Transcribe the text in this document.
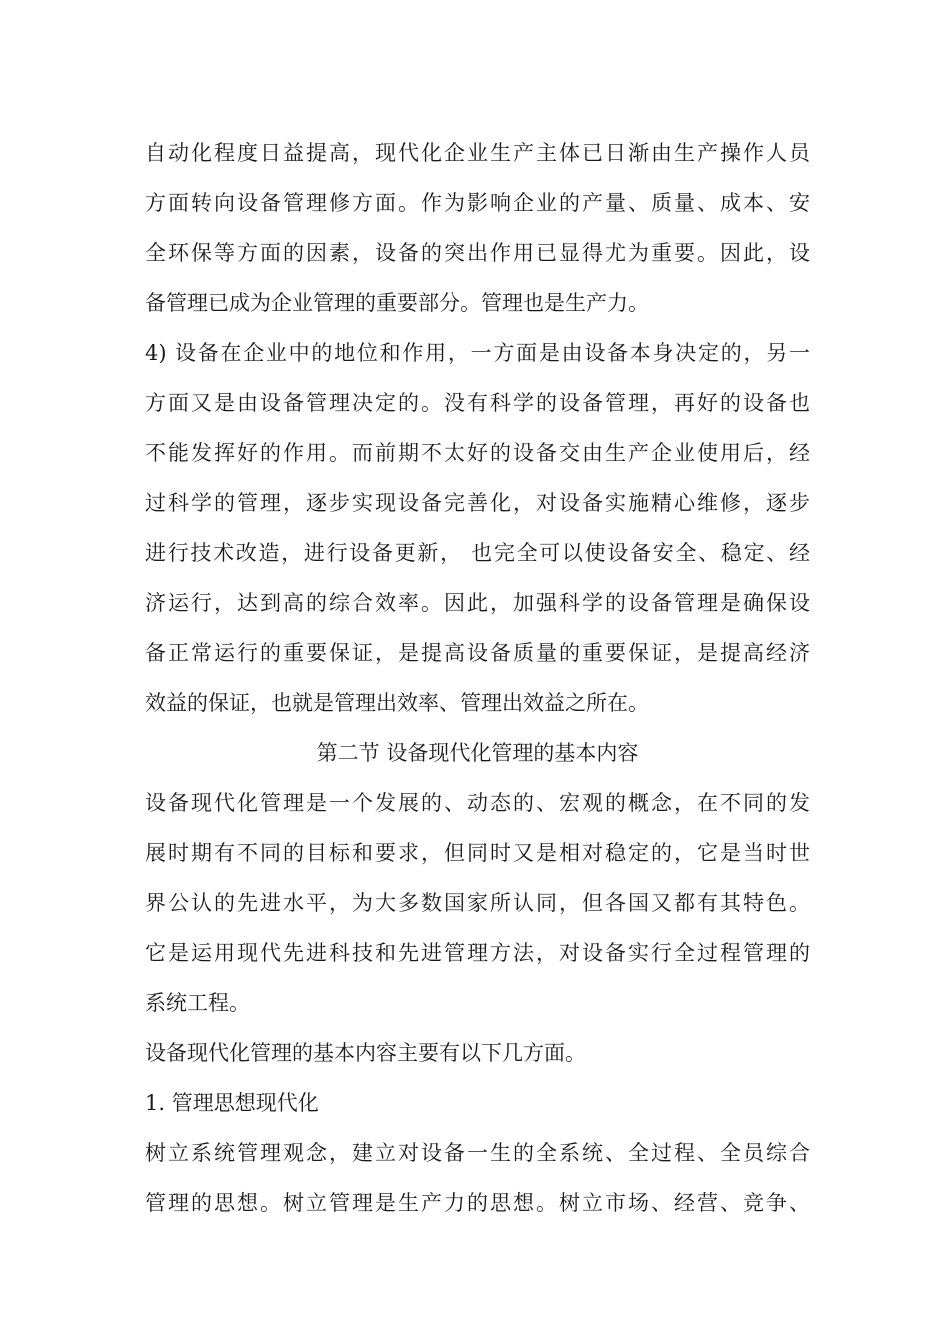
自动化程度日益提高，现代化企业生产主体已日渐由生产操作人员
方面转向设备管理修方面。作为影响企业的产量、质量、成本、安
全环保等方面的因素，设备的突出作用已显得尤为重要。因此，设
备管理已成为企业管理的重要部分。管理也是生产力。
4) 设备在企业中的地位和作用，一方面是由设备本身决定的，另一
方面又是由设备管理决定的。没有科学的设备管理，再好的设备也
不能发挥好的作用。而前期不太好的设备交由生产企业使用后，经
过科学的管理，逐步实现设备完善化，对设备实施精心维修，逐步
进行技术改造，进行设备更新， 也完全可以使设备安全、稳定、经
济运行，达到高的综合效率。因此，加强科学的设备管理是确保设
备正常运行的重要保证，是提高设备质量的重要保证，是提高经济
效益的保证，也就是管理出效率、管理出效益之所在。
第二节 设备现代化管理的基本内容
设备现代化管理是一个发展的、动态的、宏观的概念，在不同的发
展时期有不同的目标和要求，但同时又是相对稳定的，它是当时世
界公认的先进水平，为大多数国家所认同，但各国又都有其特色。
它是运用现代先进科技和先进管理方法，对设备实行全过程管理的
系统工程。
设备现代化管理的基本内容主要有以下几方面。
1. 管理思想现代化
树立系统管理观念，建立对设备一生的全系统、全过程、全员综合
管理的思想。树立管理是生产力的思想。树立市场、经营、竞争、
